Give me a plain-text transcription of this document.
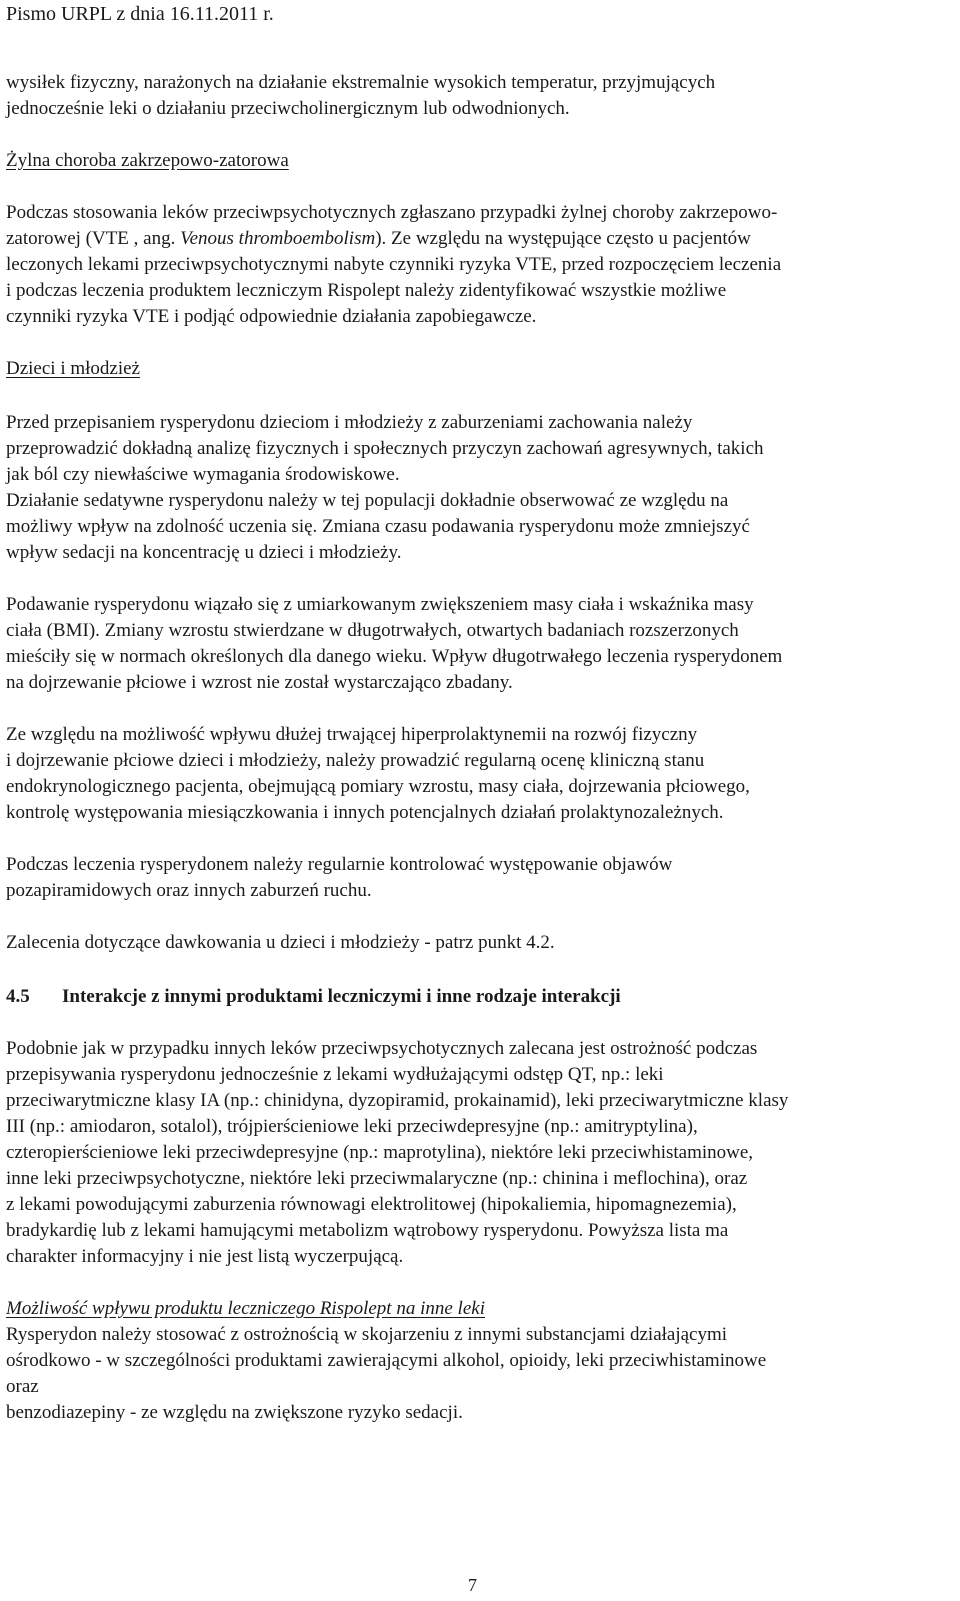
Pismo URPL z dnia 16.11.2011 r.
wysiłek fizyczny, narażonych na działanie ekstremalnie wysokich temperatur, przyjmujących
jednocześnie leki o działaniu przeciwcholinergicznym lub odwodnionych.
Żylna choroba zakrzepowo-zatorowa
Podczas stosowania leków przeciwpsychotycznych zgłaszano przypadki żylnej choroby zakrzepowo-
zatorowej (VTE , ang. Venous thromboembolism). Ze względu na występujące często u pacjentów
leczonych lekami przeciwpsychotycznymi nabyte czynniki ryzyka VTE, przed rozpoczęciem leczenia
i podczas leczenia produktem leczniczym Rispolept należy zidentyfikować wszystkie możliwe
czynniki ryzyka VTE i podjąć odpowiednie działania zapobiegawcze.
Dzieci i młodzież
Przed przepisaniem rysperydonu dzieciom i młodzieży z zaburzeniami zachowania należy
przeprowadzić dokładną analizę fizycznych i społecznych przyczyn zachowań agresywnych, takich
jak ból czy niewłaściwe wymagania środowiskowe.
Działanie sedatywne rysperydonu należy w tej populacji dokładnie obserwować ze względu na
możliwy wpływ na zdolność uczenia się. Zmiana czasu podawania rysperydonu może zmniejszyć
wpływ sedacji na koncentrację u dzieci i młodzieży.
Podawanie rysperydonu wiązało się z umiarkowanym zwiększeniem masy ciała i wskaźnika masy
ciała (BMI). Zmiany wzrostu stwierdzane w długotrwałych, otwartych badaniach rozszerzonych
mieściły się w normach określonych dla danego wieku. Wpływ długotrwałego leczenia rysperydonem
na dojrzewanie płciowe i wzrost nie został wystarczająco zbadany.
Ze względu na możliwość wpływu dłużej trwającej hiperprolaktynemii na rozwój fizyczny
i dojrzewanie płciowe dzieci i młodzieży, należy prowadzić regularną ocenę kliniczną stanu
endokrynologicznego pacjenta, obejmującą pomiary wzrostu, masy ciała, dojrzewania płciowego,
kontrolę występowania miesiączkowania i innych potencjalnych działań prolaktynozależnych.
Podczas leczenia rysperydonem należy regularnie kontrolować występowanie objawów
pozapiramidowych oraz innych zaburzeń ruchu.
Zalecenia dotyczące dawkowania u dzieci i młodzieży - patrz punkt 4.2.
4.5 Interakcje z innymi produktami leczniczymi i inne rodzaje interakcji
Podobnie jak w przypadku innych leków przeciwpsychotycznych zalecana jest ostrożność podczas
przepisywania rysperydonu jednocześnie z lekami wydłużającymi odstęp QT, np.: leki
przeciwarytmiczne klasy IA (np.: chinidyna, dyzopiramid, prokainamid), leki przeciwarytmiczne klasy
III (np.: amiodaron, sotalol), trójpierścieniowe leki przeciwdepresyjne (np.: amitryptylina),
czteropierścieniowe leki przeciwdepresyjne (np.: maprotylina), niektóre leki przeciwhistaminowe,
inne leki przeciwpsychotyczne, niektóre leki przeciwmalaryczne (np.: chinina i meflochina), oraz
z lekami powodującymi zaburzenia równowagi elektrolitowej (hipokaliemia, hipomagnezemia),
bradykardię lub z lekami hamującymi metabolizm wątrobowy rysperydonu. Powyższa lista ma
charakter informacyjny i nie jest listą wyczerpującą.
Możliwość wpływu produktu leczniczego Rispolept na inne leki
Rysperydon należy stosować z ostrożnością w skojarzeniu z innymi substancjami działającymi
ośrodkowo - w szczególności produktami zawierającymi alkohol, opioidy, leki przeciwhistaminowe
oraz
benzodiazepiny - ze względu na zwiększone ryzyko sedacji.
7
